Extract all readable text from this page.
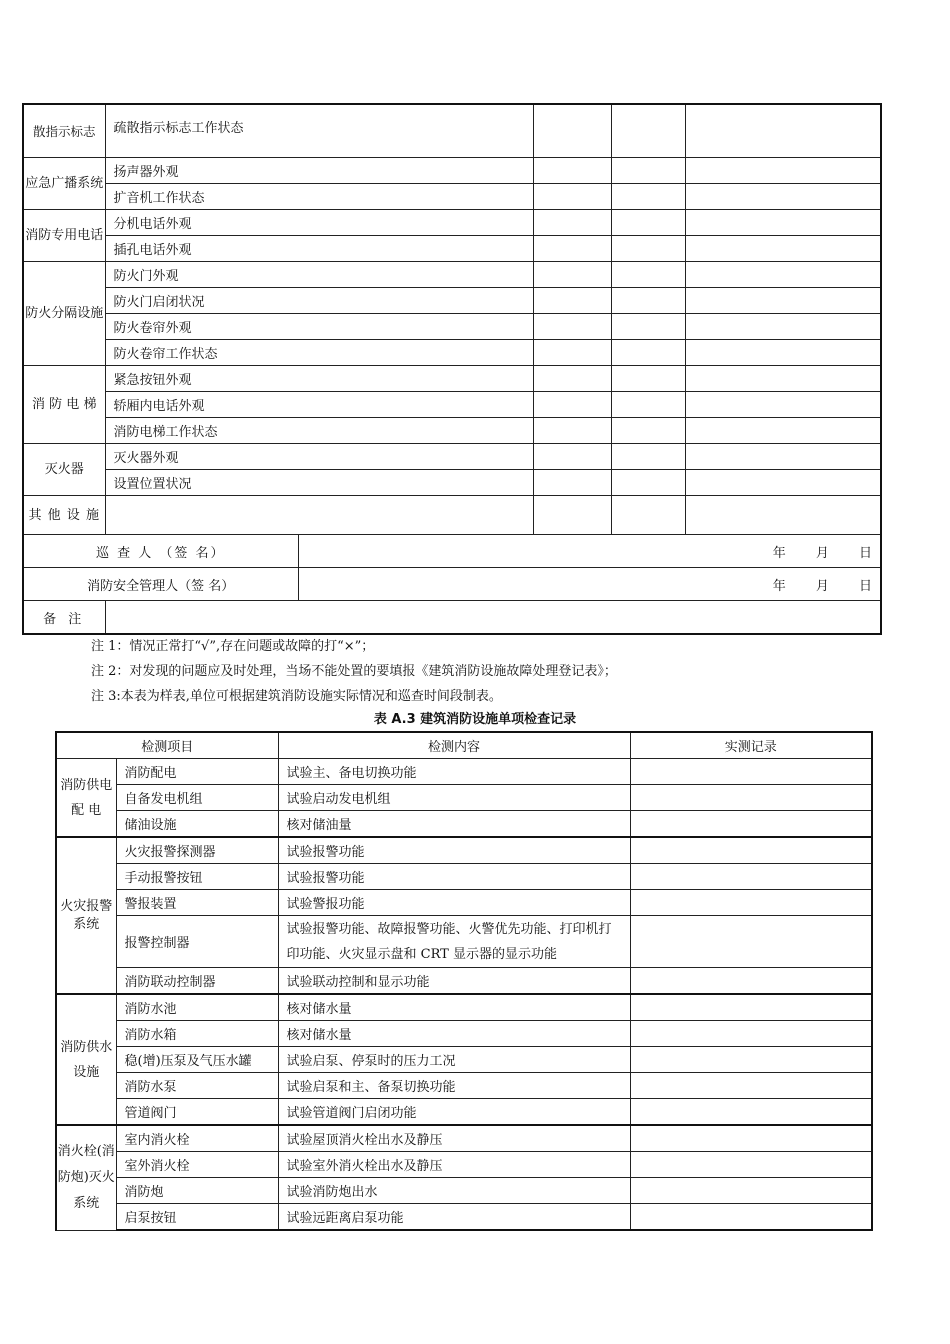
散指示标志	疏散指示标志工作状态				
应急广播系统	扬声器外观				
	扩音机工作状态				
消防专用电话	分机电话外观				
	插孔电话外观				
防火分隔设施	防火门外观				
	防火门启闭状况				
	防火卷帘外观				
	防火卷帘工作状态				
消 防 电 梯	紧急按钮外观				
	轿厢内电话外观				
	消防电梯工作状态				
灭火器	灭火器外观				
	设置位置状况				
其 他 设 施					
巡 查 人 （签 名）		年 月 日			
消防安全管理人（签 名）		年 月 日			
备 注					
注 1：情况正常打“√”,存在问题或故障的打“×”；
注 2：对发现的问题应及时处理，当场不能处置的要填报《建筑消防设施故障处理登记表》；
注 3:本表为样表,单位可根据建筑消防设施实际情况和巡查时间段制表。
表 A.3 建筑消防设施单项检查记录
检测项目		检测内容	实测记录
消防供电 配 电	消防配电	试验主、备电切换功能	
	自备发电机组	试验启动发电机组	
	储油设施	核对储油量	
火灾报警系统	火灾报警探测器	试验报警功能	
	手动报警按钮	试验报警功能	
	警报装置	试验警报功能	
	报警控制器	试验报警功能、故障报警功能、火警优先功能、打印机打印功能、火灾显示盘和 CRT 显示器的显示功能	
	消防联动控制器	试验联动控制和显示功能	
消防供水设施	消防水池	核对储水量	
	消防水箱	核对储水量	
	稳(增)压泵及气压水罐	试验启泵、停泵时的压力工况	
	消防水泵	试验启泵和主、备泵切换功能	
	管道阀门	试验管道阀门启闭功能	
消火栓(消防炮)灭火系统	室内消火栓	试验屋顶消火栓出水及静压	
	室外消火栓	试验室外消火栓出水及静压	
	消防炮	试验消防炮出水	
	启泵按钮	试验远距离启泵功能	
